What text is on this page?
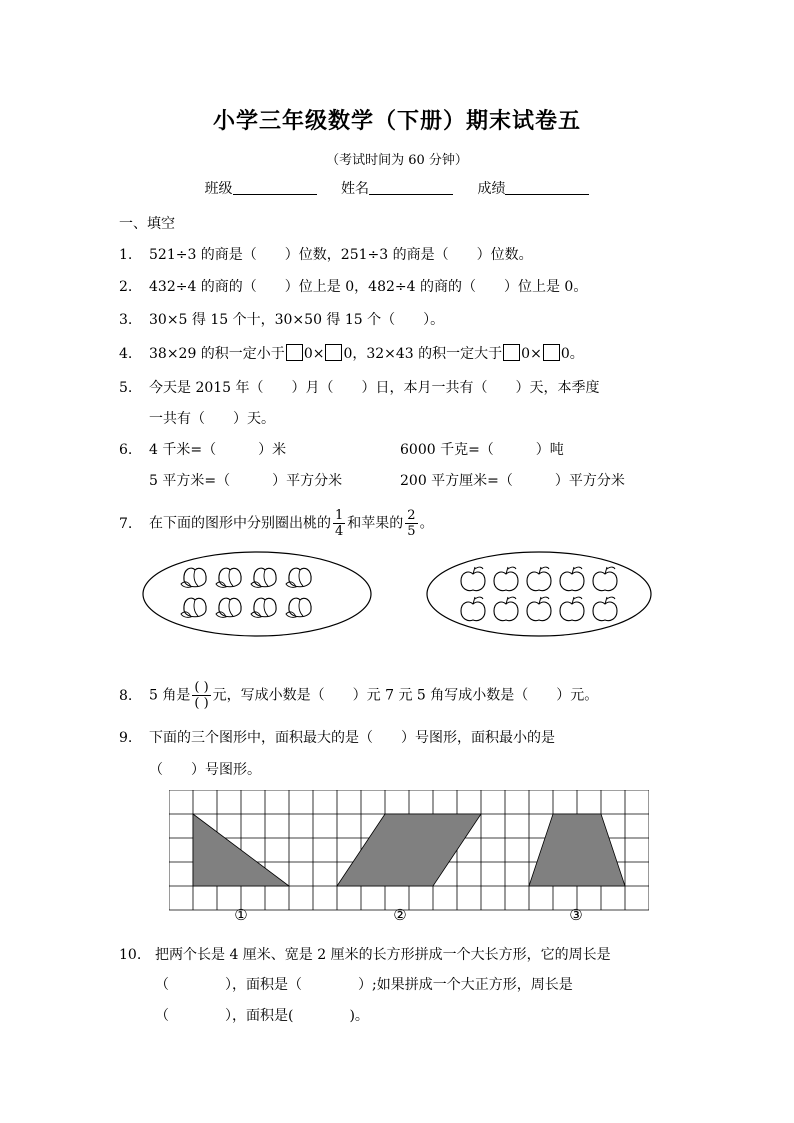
小学三年级数学（下册）期末试卷五
（考试时间为 60 分钟）
班级	姓名	成绩
一、填空
1. 521÷3 的商是（　　）位数，251÷3 的商是（　　）位数。
2. 432÷4 的商的（　　）位上是 0，482÷4 的商的（　　）位上是 0。
3. 30×5 得 15 个十，30×50 得 15 个（　　）。
4. 38×29 的积一定小于 0× 0，32×43 的积一定大于 0× 0。
5. 今天是 2015 年（　　）月（　　）日，本月一共有（　　）天，本季度
一共有（　　）天。
6. 4 千米=（　　　）米	6000 千克=（　　　）吨
5 平方米=（　　　）平方分米	200 平方厘米=（　　　）平方分米
7. 在下面的图形中分别圈出桃的 $\frac{1}{4}$ 和苹果的 $\frac{2}{5}$ 。
8. 5 角是 $\frac{( )}{( )}$ 元，写成小数是（　　）元 7 元 5 角写成小数是（　　）元。
9. 下面的三个图形中，面积最大的是（　　）号图形，面积最小的是
（　　）号图形。
①	②	③
10. 把两个长是 4 厘米、宽是 2 厘米的长方形拼成一个大长方形，它的周长是
（　　　　），面积是（　　　　）;如果拼成一个大正方形，周长是
（　　　　），面积是(　　　　)。
